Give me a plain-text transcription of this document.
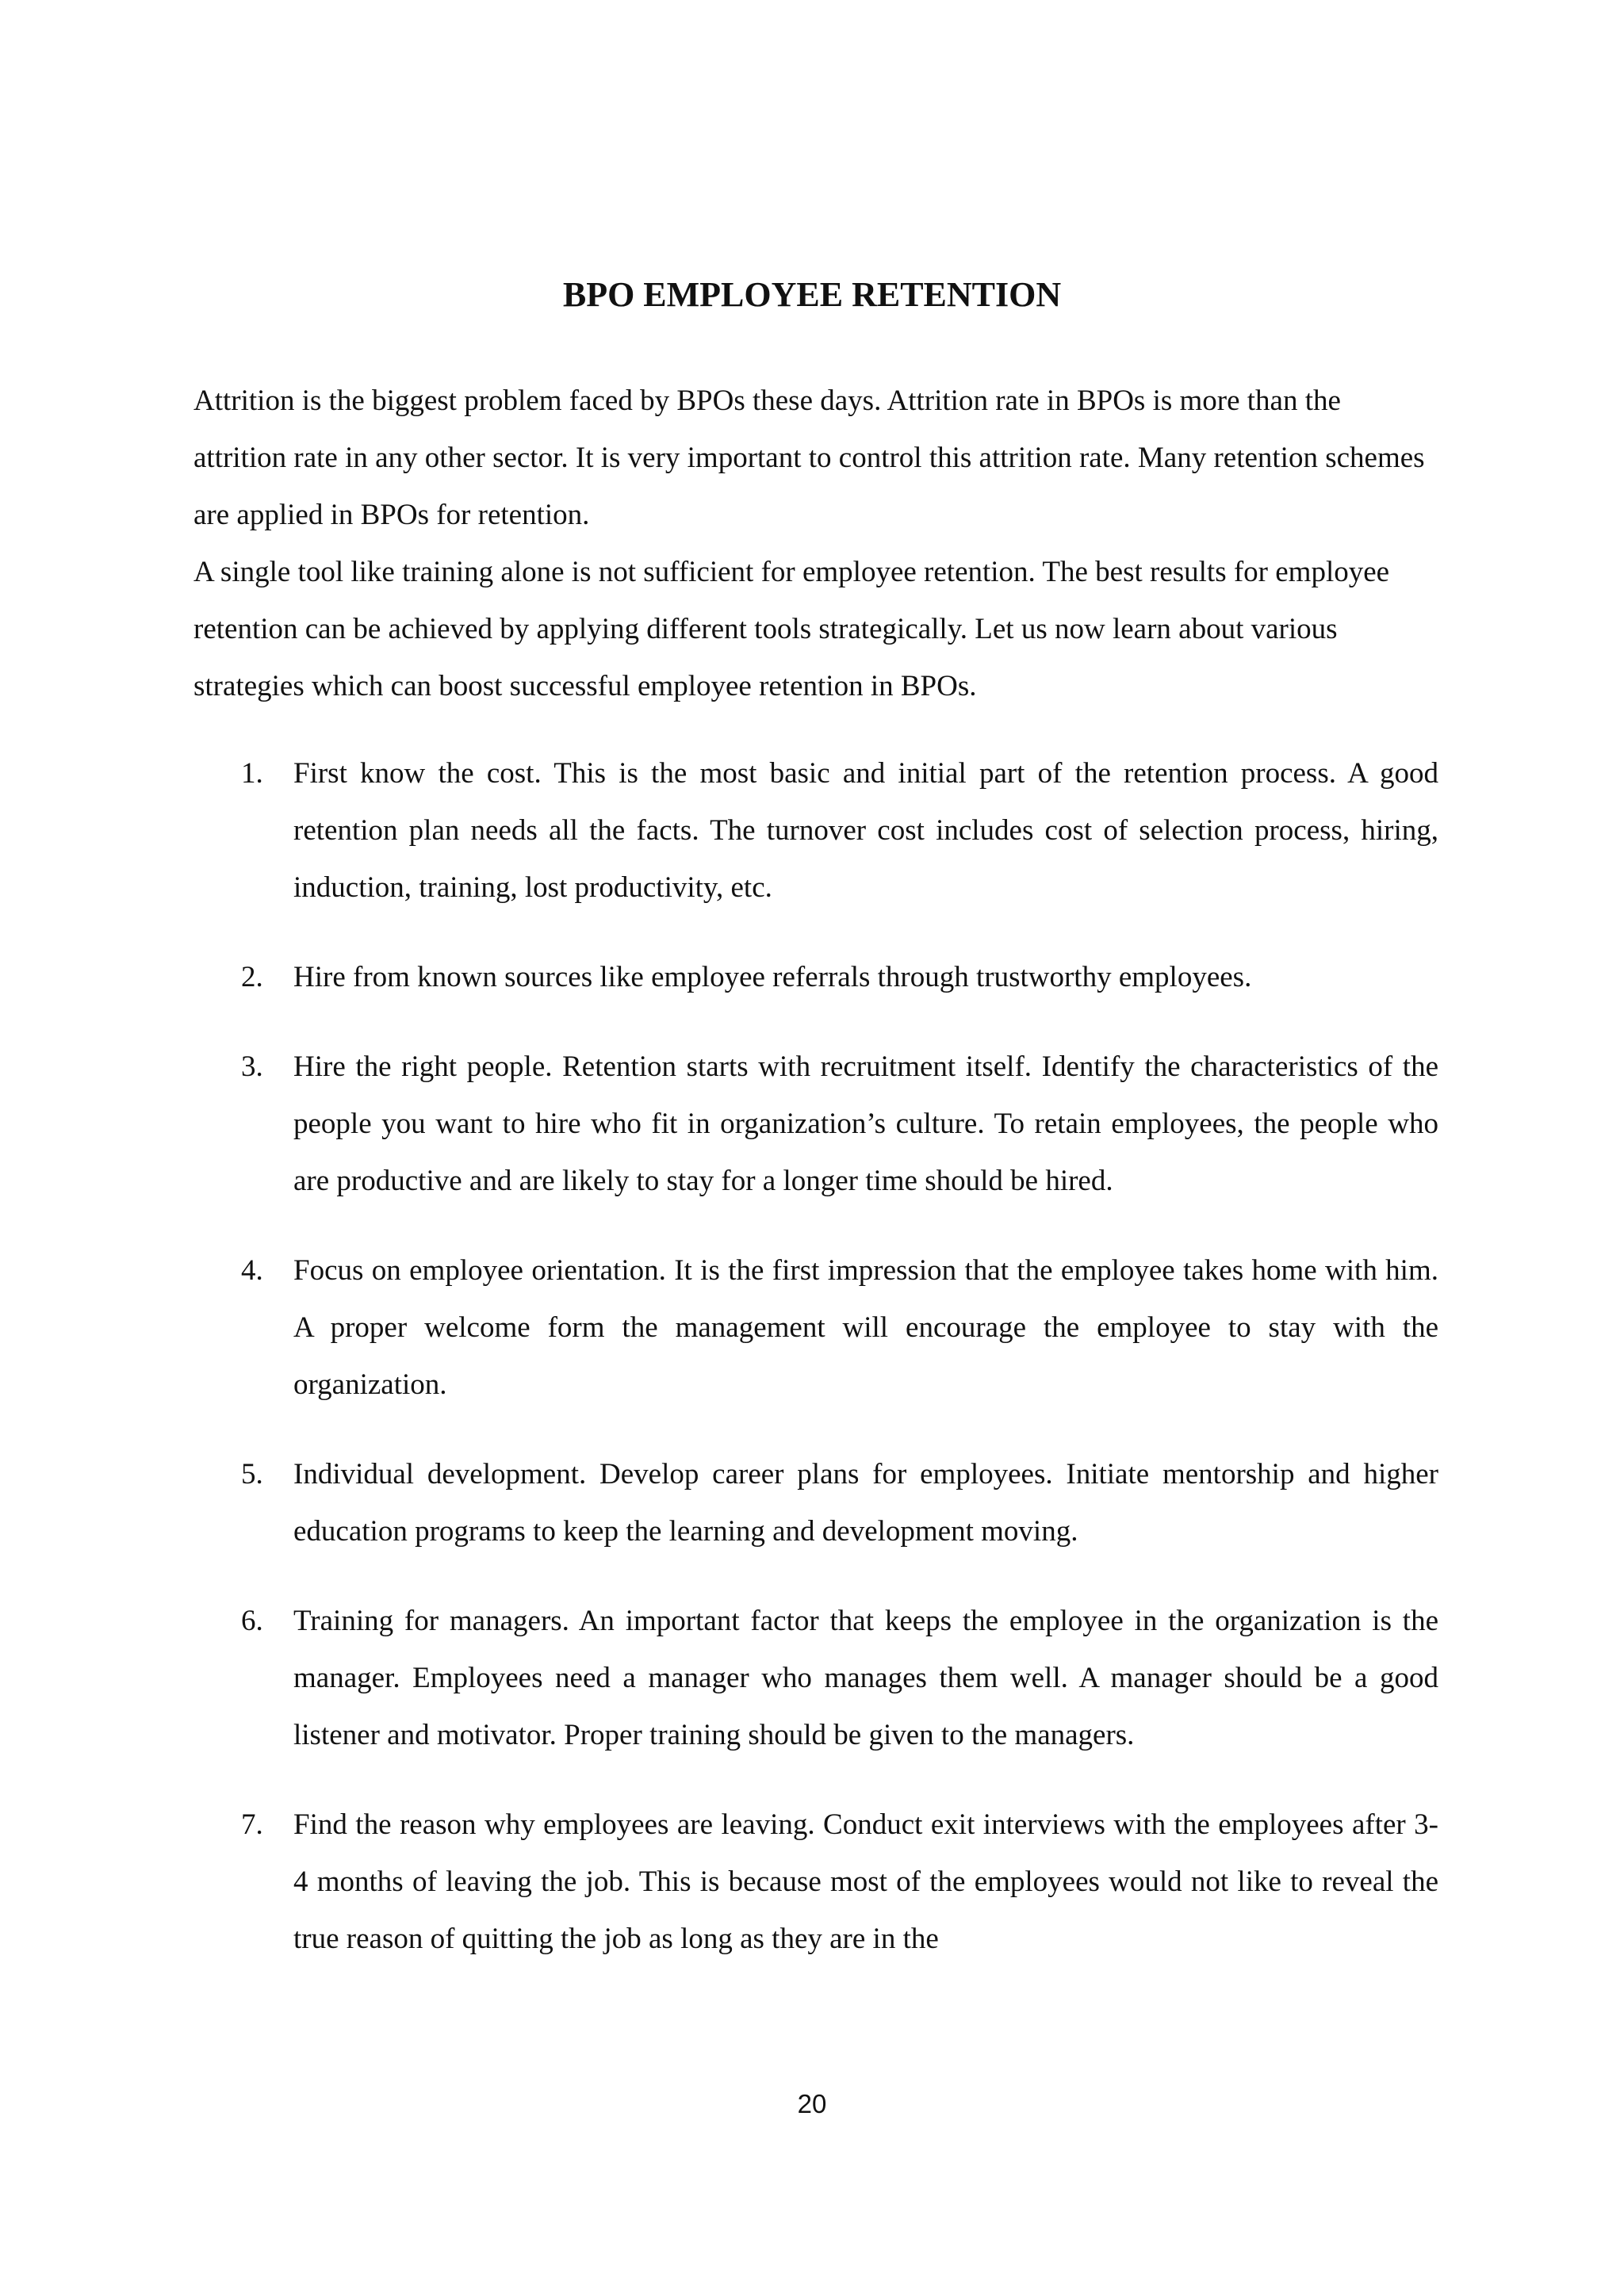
BPO EMPLOYEE RETENTION

Attrition is the biggest problem faced by BPOs these days. Attrition rate in BPOs is more than the attrition rate in any other sector. It is very important to control this attrition rate. Many retention schemes are applied in BPOs for retention.

A single tool like training alone is not sufficient for employee retention. The best results for employee retention can be achieved by applying different tools strategically. Let us now learn about various strategies which can boost successful employee retention in BPOs.

1.	First know the cost. This is the most basic and initial part of the retention process. A good retention plan needs all the facts. The turnover cost includes cost of selection process, hiring, induction, training, lost productivity, etc.
2.	Hire from known sources like employee referrals through trustworthy employees.
3.	Hire the right people. Retention starts with recruitment itself. Identify the characteristics of the people you want to hire who fit in organization’s culture. To retain employees, the people who are productive and are likely to stay for a longer time should be hired.
4.	Focus on employee orientation. It is the first impression that the employee takes home with him. A proper welcome form the management will encourage the employee to stay with the organization.
5.	Individual development. Develop career plans for employees. Initiate mentorship and higher education programs to keep the learning and development moving.
6.	Training for managers. An important factor that keeps the employee in the organization is the manager. Employees need a manager who manages them well. A manager should be a good listener and motivator. Proper training should be given to the managers.
7.	Find the reason why employees are leaving. Conduct exit interviews with the employees after 3-4 months of leaving the job. This is because most of the employees would not like to reveal the true reason of quitting the job as long as they are in the
20
